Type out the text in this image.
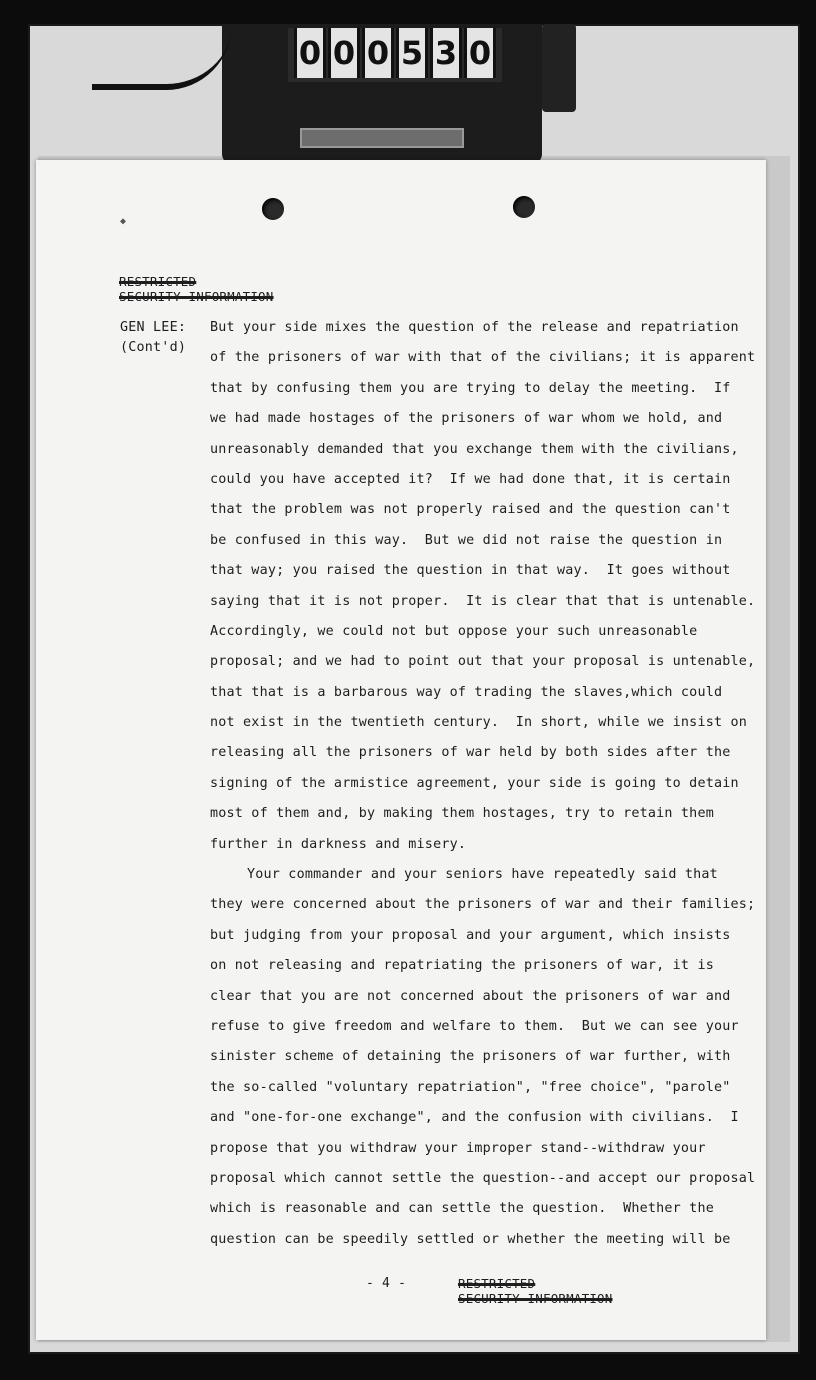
0 0 0 5 3 0
◆
RESTRICTED
SECURITY INFORMATION
GEN LEE:
(Cont'd)
But your side mixes the question of the release and repatriation
of the prisoners of war with that of the civilians; it is apparent
that by confusing them you are trying to delay the meeting.  If
we had made hostages of the prisoners of war whom we hold, and
unreasonably demanded that you exchange them with the civilians,
could you have accepted it?  If we had done that, it is certain
that the problem was not properly raised and the question can't
be confused in this way.  But we did not raise the question in
that way; you raised the question in that way.  It goes without
saying that it is not proper.  It is clear that that is untenable.
Accordingly, we could not but oppose your such unreasonable
proposal; and we had to point out that your proposal is untenable,
that that is a barbarous way of trading the slaves,which could
not exist in the twentieth century.  In short, while we insist on
releasing all the prisoners of war held by both sides after the
signing of the armistice agreement, your side is going to detain
most of them and, by making them hostages, try to retain them
further in darkness and misery.
Your commander and your seniors have repeatedly said that
they were concerned about the prisoners of war and their families;
but judging from your proposal and your argument, which insists
on not releasing and repatriating the prisoners of war, it is
clear that you are not concerned about the prisoners of war and
refuse to give freedom and welfare to them.  But we can see your
sinister scheme of detaining the prisoners of war further, with
the so-called "voluntary repatriation", "free choice", "parole"
and "one-for-one exchange", and the confusion with civilians.  I
propose that you withdraw your improper stand--withdraw your
proposal which cannot settle the question--and accept our proposal
which is reasonable and can settle the question.  Whether the
question can be speedily settled or whether the meeting will be
- 4 -	RESTRICTED
SECURITY INFORMATION
